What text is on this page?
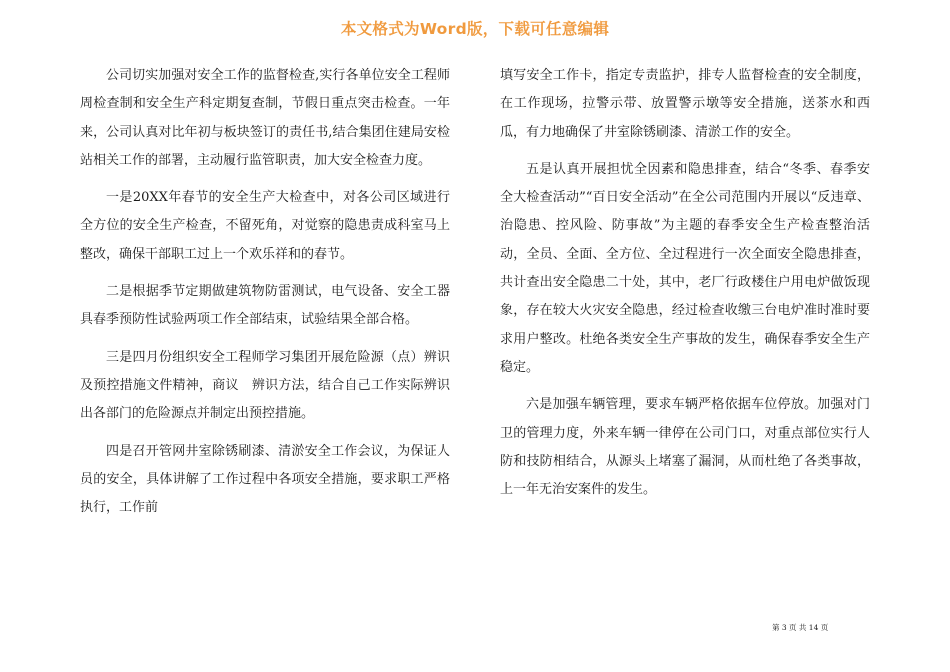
本文格式为Word版，下载可任意编辑

公司切实加强对安全工作的监督检查,实行各单位安全工程师周检查制和安全生产科定期复查制，节假日重点突击检查。一年来，公司认真对比年初与板块签订的责任书,结合集团住建局安检站相关工作的部署，主动履行监管职责，加大安全检查力度。

一是20XX年春节的安全生产大检查中，对各公司区域进行全方位的安全生产检查，不留死角，对觉察的隐患责成科室马上整改，确保干部职工过上一个欢乐祥和的春节。

二是根据季节定期做建筑物防雷测试，电气设备、安全工器具春季预防性试验两项工作全部结束，试验结果全部合格。

三是四月份组织安全工程师学习集团开展危险源（点）辨识及预控措施文件精神，商议　辨识方法，结合自己工作实际辨识出各部门的危险源点并制定出预控措施。

四是召开管网井室除锈刷漆、清淤安全工作会议，为保证人员的安全，具体讲解了工作过程中各项安全措施，要求职工严格执行，工作前

填写安全工作卡，指定专责监护，排专人监督检查的安全制度，在工作现场，拉警示带、放置警示墩等安全措施，送茶水和西瓜，有力地确保了井室除锈刷漆、清淤工作的安全。

五是认真开展担忧全因素和隐患排查，结合“冬季、春季安全大检查活动”“百日安全活动”在全公司范围内开展以“反违章、治隐患、控风险、防事故”为主题的春季安全生产检查整治活动，全员、全面、全方位、全过程进行一次全面安全隐患排查，共计查出安全隐患二十处，其中，老厂行政楼住户用电炉做饭现象，存在较大火灾安全隐患，经过检查收缴三台电炉准时准时要求用户整改。杜绝各类安全生产事故的发生，确保春季安全生产稳定。

六是加强车辆管理，要求车辆严格依据车位停放。加强对门卫的管理力度，外来车辆一律停在公司门口，对重点部位实行人防和技防相结合，从源头上堵塞了漏洞，从而杜绝了各类事故，上一年无治安案件的发生。

第 3 页 共 14 页
